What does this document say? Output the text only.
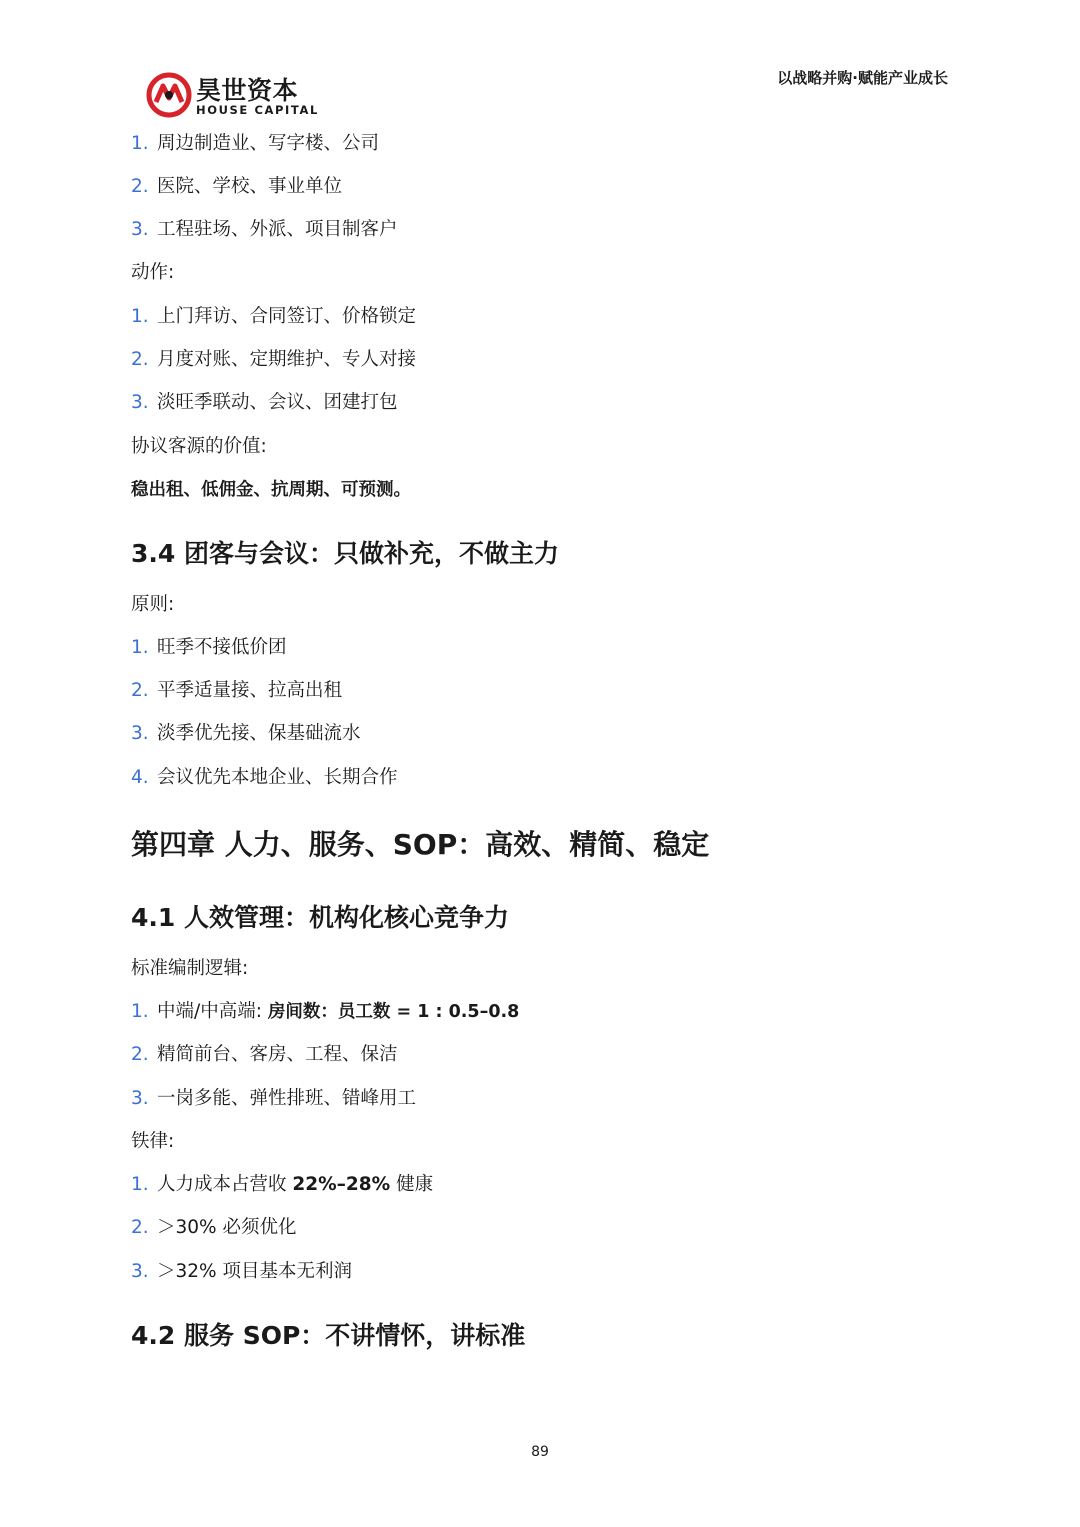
昊世资本
HOUSE CAPITAL
以战略并购·赋能产业成长
1. 周边制造业、写字楼、公司
2. 医院、学校、事业单位
3. 工程驻场、外派、项目制客户
动作:
1. 上门拜访、合同签订、价格锁定
2. 月度对账、定期维护、专人对接
3. 淡旺季联动、会议、团建打包
协议客源的价值:
稳出租、低佣金、抗周期、可预测。
3.4 团客与会议：只做补充，不做主力
原则:
1. 旺季不接低价团
2. 平季适量接、拉高出租
3. 淡季优先接、保基础流水
4. 会议优先本地企业、长期合作
第四章 人力、服务、SOP：高效、精简、稳定
4.1 人效管理：机构化核心竞争力
标准编制逻辑:
1. 中端/中高端: 房间数：员工数 = 1 : 0.5–0.8
2. 精简前台、客房、工程、保洁
3. 一岗多能、弹性排班、错峰用工
铁律:
1. 人力成本占营收 22%–28% 健康
2. ＞30% 必须优化
3. ＞32% 项目基本无利润
4.2 服务 SOP：不讲情怀，讲标准
89
